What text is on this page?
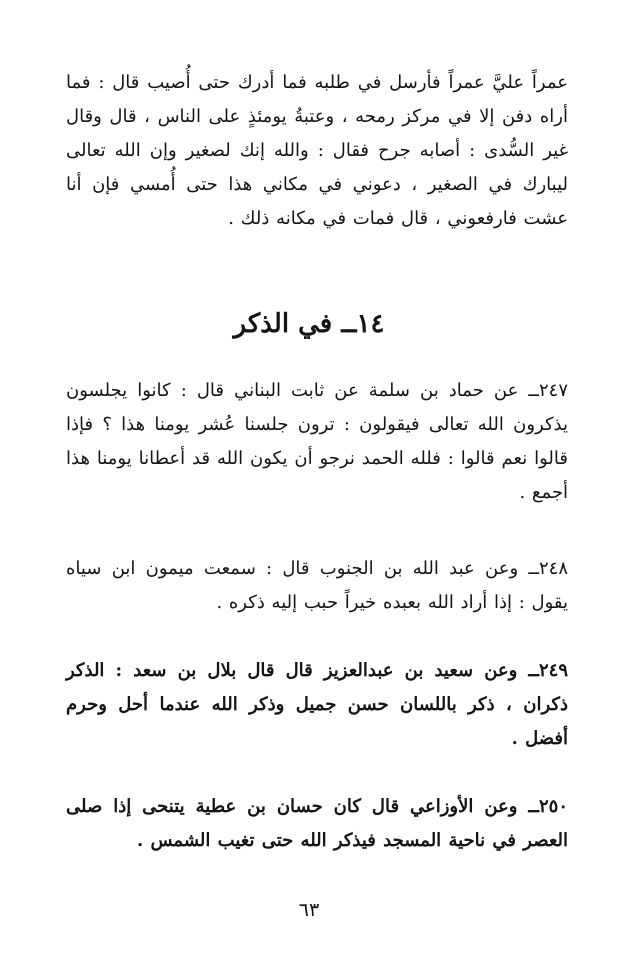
عمراً عليَّ عمراً فأرسل في طلبه فما أدرك حتى أُصيب قال : فما أراه دفن إلا في مركز رمحه ، وعتبةُ يومئذٍ على الناس ، قال وقال غير السُّدى : أصابه جرح فقال : والله إنك لصغير وإن الله تعالى ليبارك في الصغير ، دعوني في مكاني هذا حتى أُمسي فإن أنا عشت فارفعوني ، قال فمات في مكانه ذلك .
١٤ــ في الذكر
٢٤٧ــ عن حماد بن سلمة عن ثابت البناني قال : كانوا يجلسون يذكرون الله تعالى فيقولون : ترون جلسنا عُشر يومنا هذا ؟ فإذا قالوا نعم قالوا : فلله الحمد نرجو أن يكون الله قد أعطانا يومنا هذا أجمع .
٢٤٨ــ وعن عبد الله بن الجنوب قال : سمعت ميمون ابن سياه يقول : إذا أراد الله بعبده خيراً حبب إليه ذكره .
٢٤٩ــ وعن سعيد بن عبدالعزيز قال قال بلال بن سعد : الذكر ذكران ، ذكر باللسان حسن جميل وذكر الله عندما أحل وحرم أفضل .
٢٥٠ــ وعن الأوزاعي قال كان حسان بن عطية يتنحى إذا صلى العصر في ناحية المسجد فيذكر الله حتى تغيب الشمس .
٦٣
